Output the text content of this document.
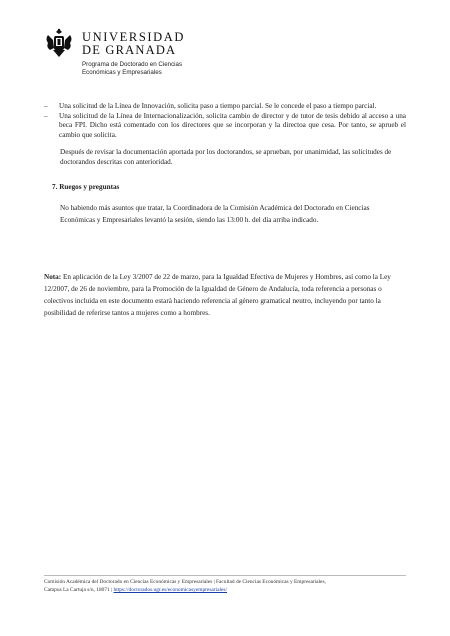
UNIVERSIDAD
DE GRANADA
Programa de Doctorado en Ciencias
Económicas y Empresariales
– Una solicitud de la Línea de Innovación, solicita paso a tiempo parcial. Se le concede el paso a tiempo parcial.
– Una solicitud de la Línea de Internacionalización, solicita cambio de director y de tutor de tesis debido al acceso a una beca FPI. Dicho está comentado con los directores que se incorporan y la directoa que cesa. Por tanto, se aprueb el cambio que solicita.

Después de revisar la documentación aportada por los doctorandos, se aprueban, por unanimidad, las solicitudes de doctorandos descritas con anterioridad.

7. Ruegos y preguntas

No habiendo más asuntos que tratar, la Coordinadora de la Comisión Académica del Doctorado en Ciencias Económicas y Empresariales levantó la sesión, siendo las 13:00 h. del día arriba indicado.

Nota: En aplicación de la Ley 3/2007 de 22 de marzo, para la Igualdad Efectiva de Mujeres y Hombres, así como la Ley 12/2007, de 26 de noviembre, para la Promoción de la Igualdad de Género de Andalucía, toda referencia a personas o colectivos incluida en este documento estará haciendo referencia al género gramatical neutro, incluyendo por tanto la posibilidad de referirse tantos a mujeres como a hombres.
Comisión Académica del Doctorado en Ciencias Económicas y Empresariales | Facultad de Ciencias Económicas y Empresariales,
Campus La Cartuja s/n, 18071 | https://doctorados.ugr.es/economicasyempresariales/
